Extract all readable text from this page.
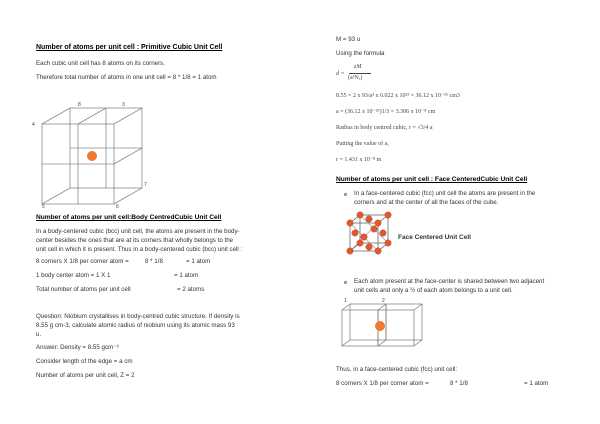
Number of atoms per unit cell : Primitive Cubic Unit Cell
Each cubic unit cell has 8 atoms on its corners.
Therefore total number of atoms in one unit cell = 8 * 1/8 = 1 atom
8	3
4
7
5	6
Number of atoms per unit cell:Body CentredCubic Unit Cell
In a body-centered cubic (bcc) unit cell, the atoms are present in the body-
center besides the ones that are at its corners that wholly belongs to the
unit cell in which it is present. Thus in a body-centered cubic (bcc) unit cell :
8 corners X 1/8 per corner atom =	8 * 1/8	= 1 atom
1 body center atom = 1 X 1	= 1 atom
Total number of atoms per unit cell	= 2 atoms
Question: Niobium crystallises in body-centred cubic structure. If density is
8.55 g cm-3, calculate atomic radius of niobium using its atomic mass 93
u.
Answer: Density = 8.55 gcm⁻³
Consider length of the edge = a cm
Number of atoms per unit cell, Z = 2
M = 93 u
Using the formula
d =
zM
(a³Nₐ)
8.55 = 2 x 93/a³ x 6.022 x 10²³ = 36.12 x 10⁻²⁶ cm3
a = (36.12 x 10⁻²⁶)1/3 = 3.306 x 10⁻⁸ cm
Radius in body centred cubic, r = √3/4 a
Putting the value of a,
r = 1.431 x 10⁻⁸ m
Number of atoms per unit cell : Face CenteredCubic Unit Cell
In a face-centered cubic (fcc) unit cell the atoms are present in the
corners and at the center of all the faces of the cube.
Face Centered Unit Cell
Each atom present at the face-center is shared between two adjacent
unit cells and only a ½ of each atom belongs to a unit cell.
1	2
Thus, in a face-centered cubic (fcc) unit cell:
8 corners X 1/8 per corner atom =	8 * 1/8	= 1 atom
